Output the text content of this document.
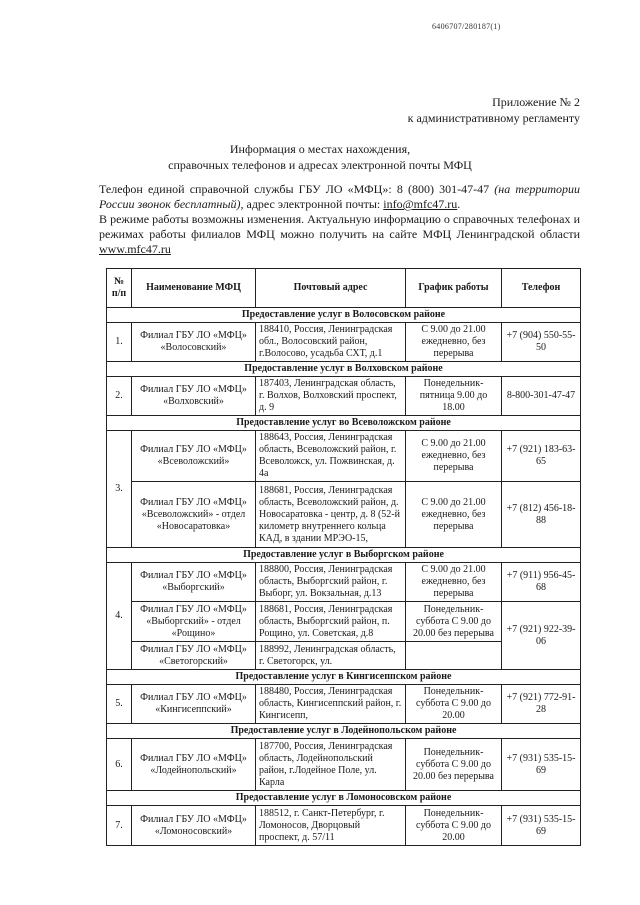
6406707/280187(1)
Приложение № 2
к административному регламенту
Информация о местах нахождения,
справочных телефонов и адресах электронной почты МФЦ

Телефон единой справочной службы ГБУ ЛО «МФЦ»: 8 (800) 301-47-47 (на территории России звонок бесплатный), адрес электронной почты: info@mfc47.ru.

В режиме работы возможны изменения. Актуальную информацию о справочных телефонах и режимах работы филиалов МФЦ можно получить на сайте МФЦ Ленинградской области www.mfc47.ru

№ п/п	Наименование МФЦ	Почтовый адрес	График работы	Телефон
Предоставление услуг в Волосовском районе				
1.	Филиал ГБУ ЛО «МФЦ» «Волосовский»	188410, Россия, Ленинградская обл., Волосовский район, г.Волосово, усадьба СХТ, д.1	С 9.00 до 21.00 ежедневно, без перерыва	+7 (904) 550-55-50
Предоставление услуг в Волховском районе				
2.	Филиал ГБУ ЛО «МФЦ» «Волховский»	187403, Ленинградская область, г. Волхов, Волховский проспект, д. 9	Понедельник-пятница 9.00 до 18.00	8-800-301-47-47
Предоставление услуг во Всеволожском районе				
3.	Филиал ГБУ ЛО «МФЦ» «Всеволожский»	188643, Россия, Ленинградская область, Всеволожский район, г. Всеволожск, ул. Пожвинская, д. 4а	С 9.00 до 21.00 ежедневно, без перерыва	+7 (921) 183-63-65
	Филиал ГБУ ЛО «МФЦ» «Всеволожский» - отдел «Новосаратовка»	188681, Россия, Ленинградская область, Всеволожский район, д. Новосаратовка - центр, д. 8 (52-й километр внутреннего кольца КАД, в здании МРЭО-15,	С 9.00 до 21.00 ежедневно, без перерыва	+7 (812) 456-18-88
Предоставление услуг в Выборгском районе				
4.	Филиал ГБУ ЛО «МФЦ» «Выборгский»	188800, Россия, Ленинградская область, Выборгский район, г. Выборг, ул. Вокзальная, д.13	С 9.00 до 21.00 ежедневно, без перерыва	+7 (911) 956-45-68
	Филиал ГБУ ЛО «МФЦ» «Выборгский» - отдел «Рощино»	188681, Россия, Ленинградская область, Выборгский район, п. Рощино, ул. Советская, д.8	Понедельник-суббота С 9.00 до 20.00 без перерыва	+7 (921) 922-39-06
	Филиал ГБУ ЛО «МФЦ» «Светогорский»	188992, Ленинградская область, г. Светогорск, ул.		
Предоставление услуг в Кингисеппском районе				
5.	Филиал ГБУ ЛО «МФЦ» «Кингисеппский»	188480, Россия, Ленинградская область, Кингисеппский район, г. Кингисепп,	Понедельник-суббота С 9.00 до 20.00	+7 (921) 772-91-28
Предоставление услуг в Лодейнопольском районе				
6.	Филиал ГБУ ЛО «МФЦ» «Лодейнопольский»	187700, Россия, Ленинградская область, Лодейнопольский район, г.Лодейное Поле, ул. Карла	Понедельник-суббота С 9.00 до 20.00 без перерыва	+7 (931) 535-15-69
Предоставление услуг в Ломоносовском районе				
7.	Филиал ГБУ ЛО «МФЦ» «Ломоносовский»	188512, г. Санкт-Петербург, г. Ломоносов, Дворцовый проспект, д. 57/11	Понедельник-суббота С 9.00 до 20.00	+7 (931) 535-15-69
